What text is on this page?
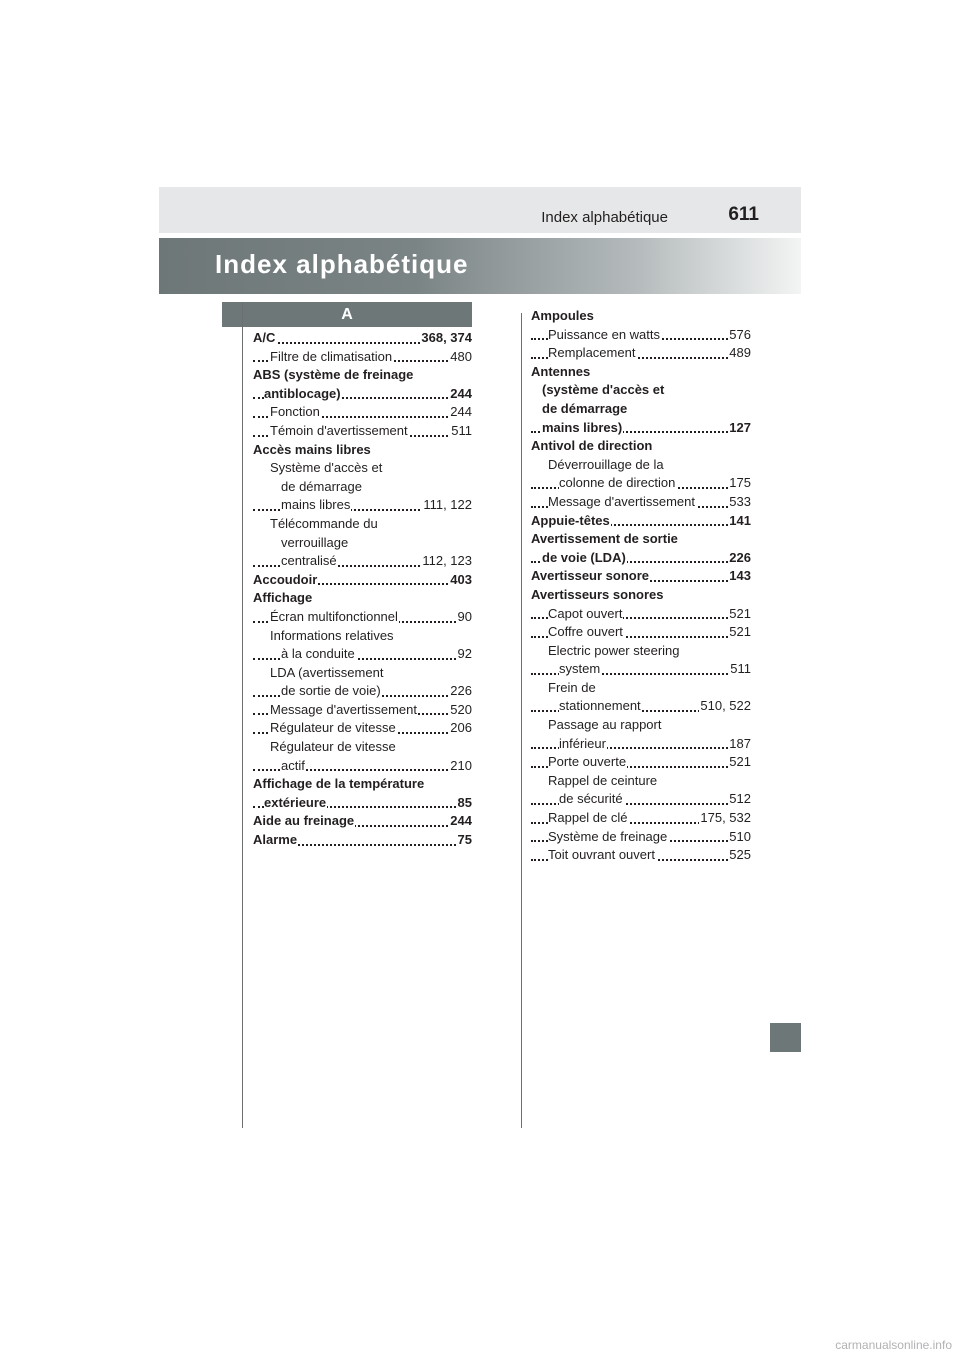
Index alphabétique	611
Index alphabétique
A
A/C	368, 374
Filtre de climatisation	480
ABS (système de freinage
antiblocage)	244
Fonction	244
Témoin d'avertissement	511
Accès mains libres
Système d'accès et
de démarrage
mains libres	111, 122
Télécommande du
verrouillage
centralisé	112, 123
Accoudoir	403
Affichage
Écran multifonctionnel	90
Informations relatives
à la conduite	92
LDA (avertissement
de sortie de voie)	226
Message d'avertissement	520
Régulateur de vitesse	206
Régulateur de vitesse
actif	210
Affichage de la température
extérieure	85
Aide au freinage	244
Alarme	75
Ampoules
Puissance en watts	576
Remplacement	489
Antennes
(système d'accès et
de démarrage
mains libres)	127
Antivol de direction
Déverrouillage de la
colonne de direction	175
Message d'avertissement	533
Appuie-têtes	141
Avertissement de sortie
de voie (LDA)	226
Avertisseur sonore	143
Avertisseurs sonores
Capot ouvert	521
Coffre ouvert	521
Electric power steering
system	511
Frein de
stationnement	510, 522
Passage au rapport
inférieur	187
Porte ouverte	521
Rappel de ceinture
de sécurité	512
Rappel de clé	175, 532
Système de freinage	510
Toit ouvrant ouvert	525
carmanualsonline.info
